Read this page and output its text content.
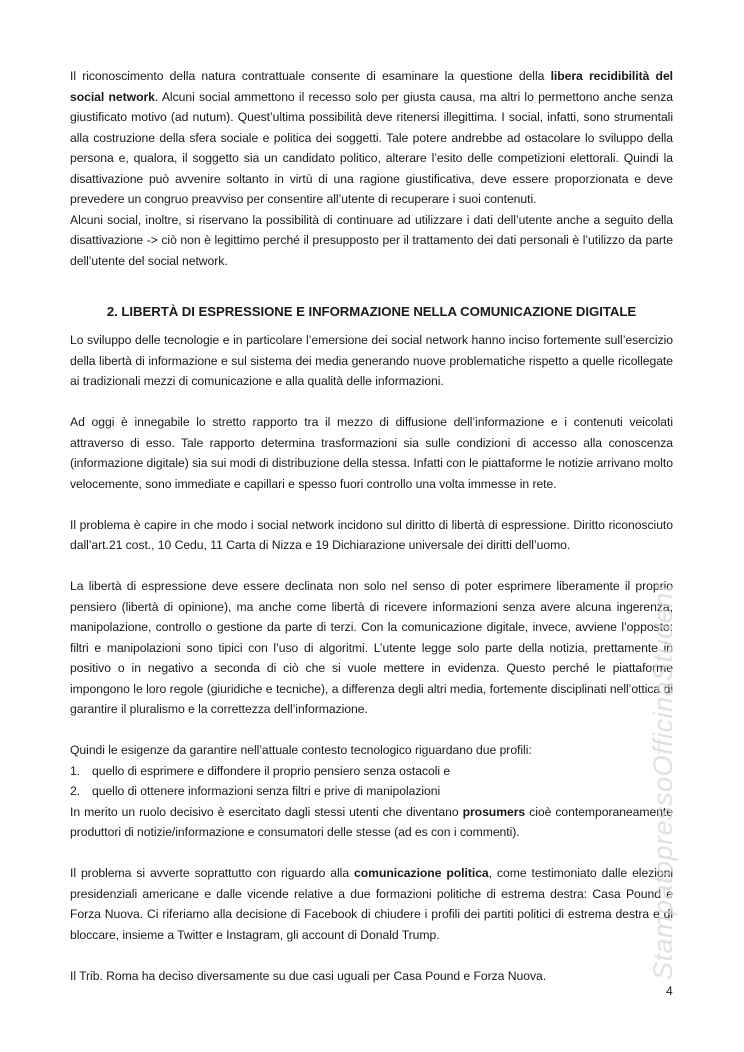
Il riconoscimento della natura contrattuale consente di esaminare la questione della libera recidibilità del social network. Alcuni social ammettono il recesso solo per giusta causa, ma altri lo permettono anche senza giustificato motivo (ad nutum). Quest’ultima possibilità deve ritenersi illegittima. I social, infatti, sono strumentali alla costruzione della sfera sociale e politica dei soggetti. Tale potere andrebbe ad ostacolare lo sviluppo della persona e, qualora, il soggetto sia un candidato politico, alterare l’esito delle competizioni elettorali. Quindi la disattivazione può avvenire soltanto in virtù di una ragione giustificativa, deve essere proporzionata e deve prevedere un congruo preavviso per consentire all’utente di recuperare i suoi contenuti.

Alcuni social, inoltre, si riservano la possibilità di continuare ad utilizzare i dati dell’utente anche a seguito della disattivazione -> ciò non è legittimo perché il presupposto per il trattamento dei dati personali è l’utilizzo da parte dell’utente del social network.

2. LIBERTÀ DI ESPRESSIONE E INFORMAZIONE NELLA COMUNICAZIONE DIGITALE

Lo sviluppo delle tecnologie e in particolare l’emersione dei social network hanno inciso fortemente sull’esercizio della libertà di informazione e sul sistema dei media generando nuove problematiche rispetto a quelle ricollegate ai tradizionali mezzi di comunicazione e alla qualità delle informazioni.

Ad oggi è innegabile lo stretto rapporto tra il mezzo di diffusione dell’informazione e i contenuti veicolati attraverso di esso. Tale rapporto determina trasformazioni sia sulle condizioni di accesso alla conoscenza (informazione digitale) sia sui modi di distribuzione della stessa. Infatti con le piattaforme le notizie arrivano molto velocemente, sono immediate e capillari e spesso fuori controllo una volta immesse in rete.

Il problema è capire in che modo i social network incidono sul diritto di libertà di espressione. Diritto riconosciuto dall’art.21 cost., 10 Cedu, 11 Carta di Nizza e 19 Dichiarazione universale dei diritti dell’uomo.

La libertà di espressione deve essere declinata non solo nel senso di poter esprimere liberamente il proprio pensiero (libertà di opinione), ma anche come libertà di ricevere informazioni senza avere alcuna ingerenza, manipolazione, controllo o gestione da parte di terzi. Con la comunicazione digitale, invece, avviene l’opposto: filtri e manipolazioni sono tipici con l’uso di algoritmi. L’utente legge solo parte della notizia, prettamente in positivo o in negativo a seconda di ciò che si vuole mettere in evidenza. Questo perché le piattaforme impongono le loro regole (giuridiche e tecniche), a differenza degli altri media, fortemente disciplinati nell’ottica di garantire il pluralismo e la correttezza dell’informazione.

Quindi le esigenze da garantire nell’attuale contesto tecnologico riguardano due profili:

1. quello di esprimere e diffondere il proprio pensiero senza ostacoli e
2. quello di ottenere informazioni senza filtri e prive di manipolazioni

In merito un ruolo decisivo è esercitato dagli stessi utenti che diventano prosumers cioè contemporaneamente produttori di notizie/informazione e consumatori delle stesse (ad es con i commenti).

Il problema si avverte soprattutto con riguardo alla comunicazione politica, come testimoniato dalle elezioni presidenziali americane e dalle vicende relative a due formazioni politiche di estrema destra: Casa Pound e Forza Nuova. Ci riferiamo alla decisione di Facebook di chiudere i profili dei partiti politici di estrema destra e di bloccare, insieme a Twitter e Instagram, gli account di Donald Trump.

Il Trib. Roma ha deciso diversamente su due casi uguali per Casa Pound e Forza Nuova.	StampatopressoOfficinaStudent
4
